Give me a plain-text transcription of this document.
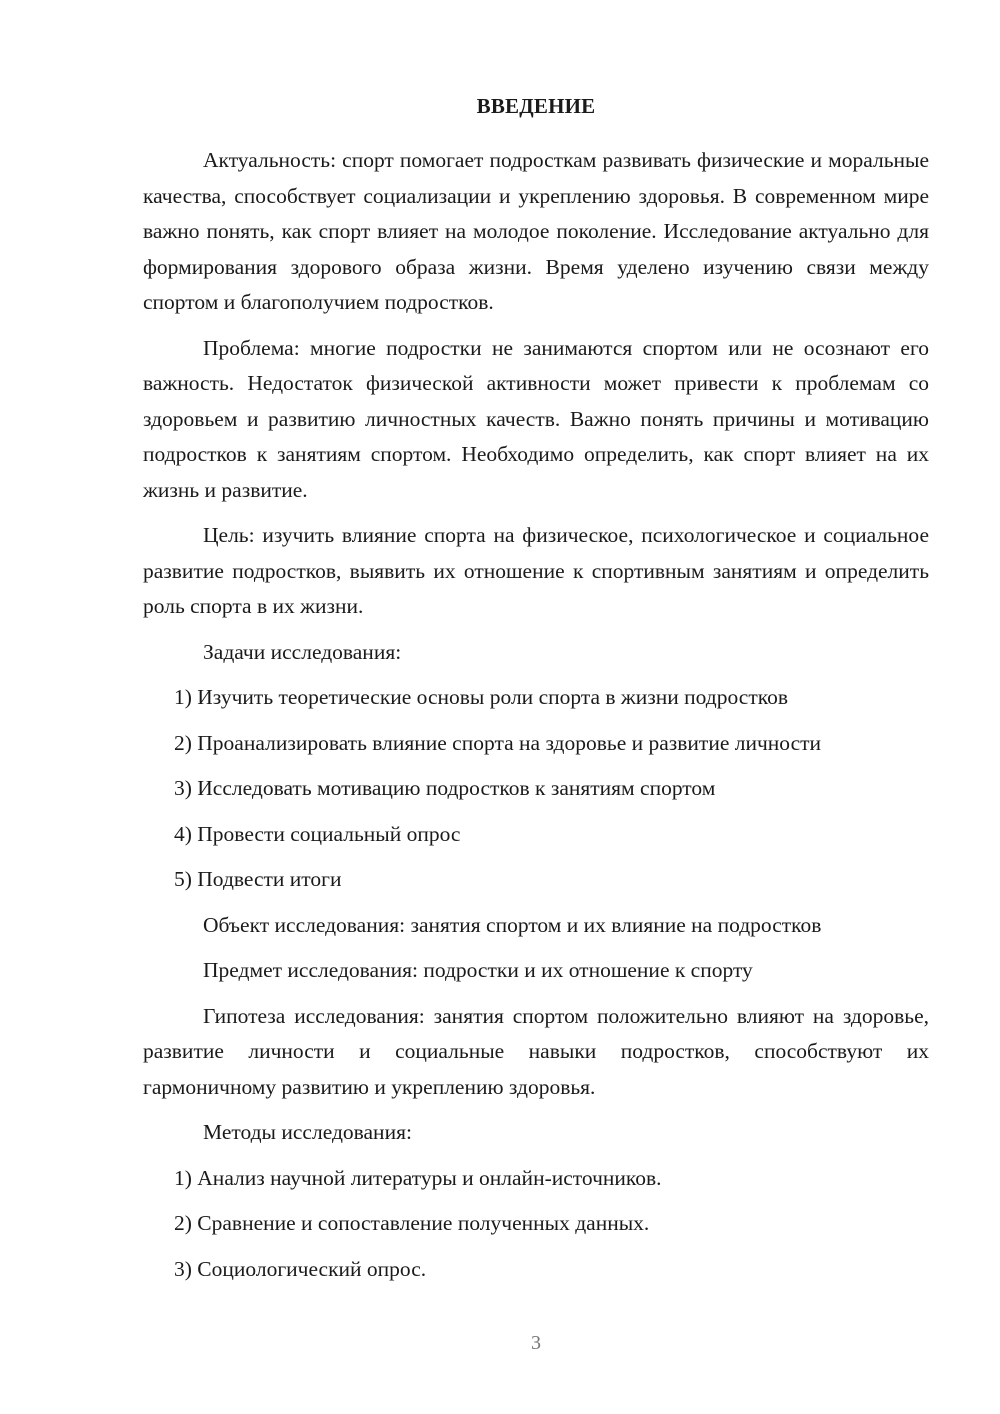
ВВЕДЕНИЕ

Актуальность: спорт помогает подросткам развивать физические и моральные качества, способствует социализации и укреплению здоровья. В современном мире важно понять, как спорт влияет на молодое поколение. Исследование актуально для формирования здорового образа жизни. Время уделено изучению связи между спортом и благополучием подростков.

Проблема: многие подростки не занимаются спортом или не осознают его важность. Недостаток физической активности может привести к проблемам со здоровьем и развитию личностных качеств. Важно понять причины и мотивацию подростков к занятиям спортом. Необходимо определить, как спорт влияет на их жизнь и развитие.

Цель: изучить влияние спорта на физическое, психологическое и социальное развитие подростков, выявить их отношение к спортивным занятиям и определить роль спорта в их жизни.

Задачи исследования:

1) Изучить теоретические основы роли спорта в жизни подростков

2) Проанализировать влияние спорта на здоровье и развитие личности

3) Исследовать мотивацию подростков к занятиям спортом

4) Провести социальный опрос

5) Подвести итоги

Объект исследования: занятия спортом и их влияние на подростков

Предмет исследования: подростки и их отношение к спорту

Гипотеза исследования: занятия спортом положительно влияют на здоровье, развитие личности и социальные навыки подростков, способствуют их гармоничному развитию и укреплению здоровья.

Методы исследования:

1) Анализ научной литературы и онлайн-источников.

2) Сравнение и сопоставление полученных данных.

3) Социологический опрос.

3
